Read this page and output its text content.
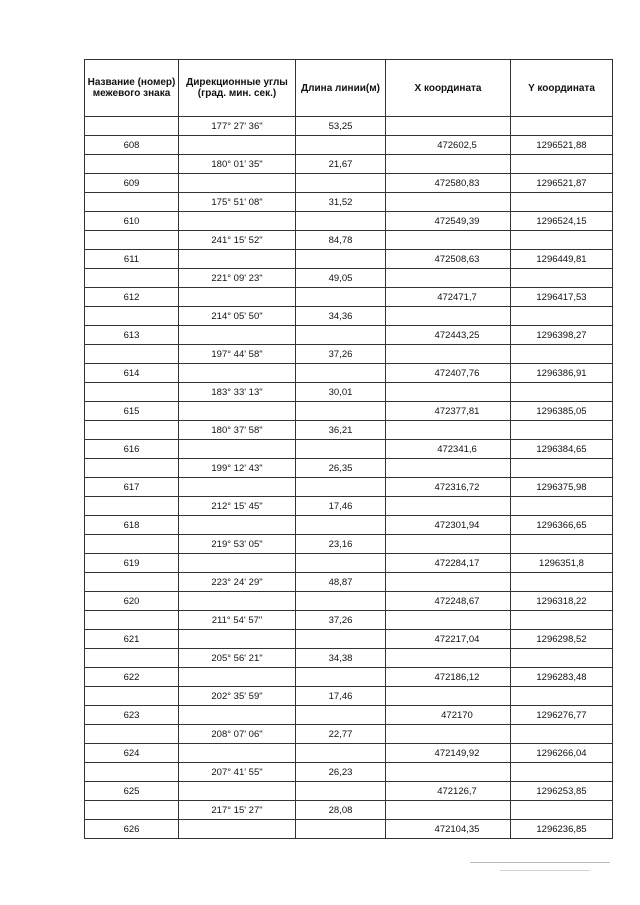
Название (номер) межевого знака	Дирекционные углы (град. мин. сек.)	Длина линии(м)	X координата	Y координата
	177° 27' 36"	53,25		
608			472602,5	1296521,88
	180° 01' 35"	21,67		
609			472580,83	1296521,87
	175° 51' 08"	31,52		
610			472549,39	1296524,15
	241° 15' 52"	84,78		
611			472508,63	1296449,81
	221° 09' 23"	49,05		
612			472471,7	1296417,53
	214° 05' 50"	34,36		
613			472443,25	1296398,27
	197° 44' 58"	37,26		
614			472407,76	1296386,91
	183° 33' 13"	30,01		
615			472377,81	1296385,05
	180° 37' 58"	36,21		
616			472341,6	1296384,65
	199° 12' 43"	26,35		
617			472316,72	1296375,98
	212° 15' 45"	17,46		
618			472301,94	1296366,65
	219° 53' 05"	23,16		
619			472284,17	1296351,8
	223° 24' 29"	48,87		
620			472248,67	1296318,22
	211° 54' 57"	37,26		
621			472217,04	1296298,52
	205° 56' 21"	34,38		
622			472186,12	1296283,48
	202° 35' 59"	17,46		
623			472170	1296276,77
	208° 07' 06"	22,77		
624			472149,92	1296266,04
	207° 41' 55"	26,23		
625			472126,7	1296253,85
	217° 15' 27"	28,08		
626			472104,35	1296236,85
